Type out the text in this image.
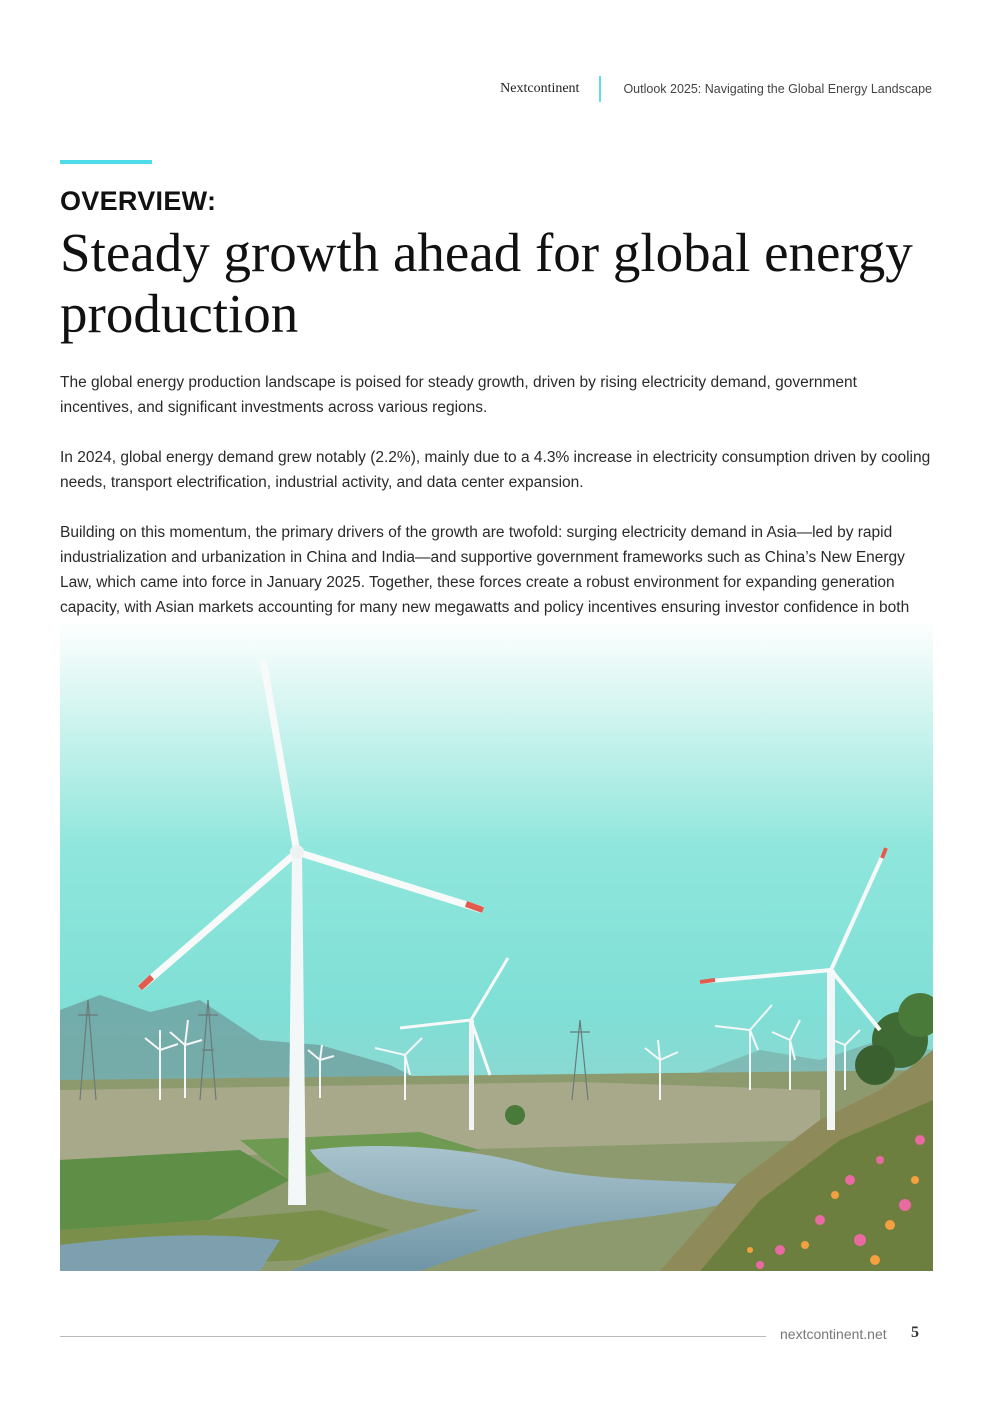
Nextcontinent	Outlook 2025: Navigating the Global Energy Landscape
OVERVIEW:
Steady growth ahead for global energy production

The global energy production landscape is poised for steady growth, driven by rising electricity demand, government incentives, and significant investments across various regions.

In 2024, global energy demand grew notably (2.2%), mainly due to a 4.3% increase in electricity consumption driven by cooling needs, transport electrification, industrial activity, and data center expansion.

Building on this momentum, the primary drivers of the growth are twofold: surging electricity demand in Asia—led by rapid industrialization and urbanization in China and India—and supportive government frameworks such as China’s New Energy Law, which came into force in January 2025. Together, these forces create a robust environment for expanding generation capacity, with Asian markets accounting for many new megawatts and policy incentives ensuring investor confidence in both

nextcontinent.net 5
